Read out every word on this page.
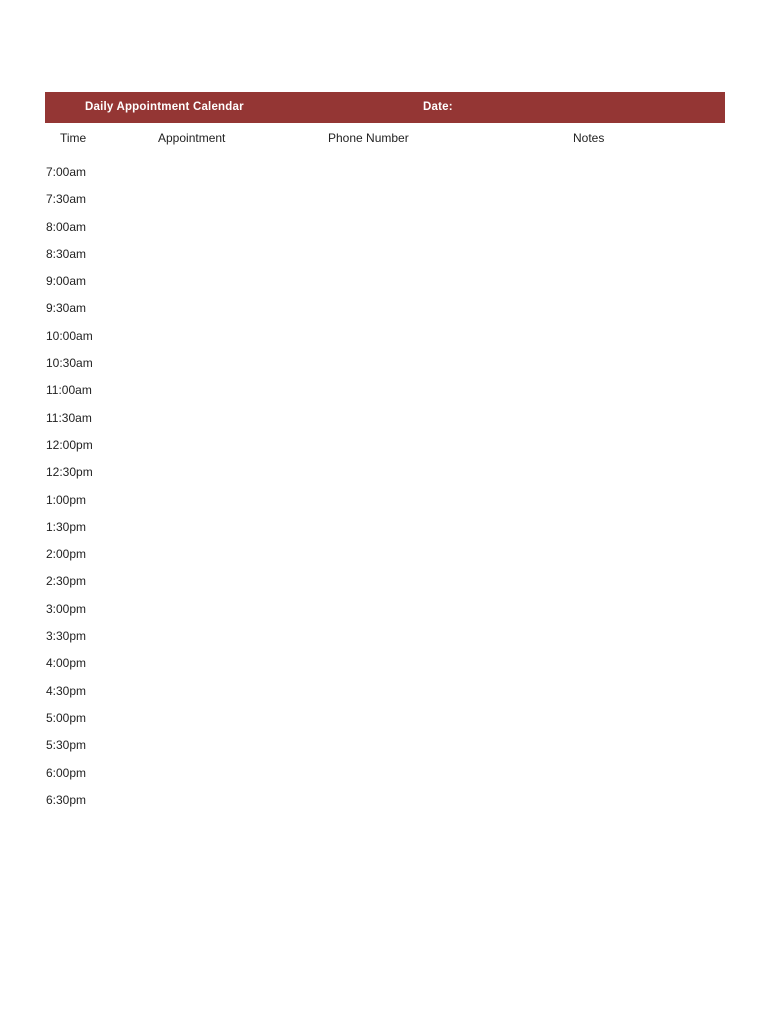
Daily Appointment Calendar	Date:
Time	Appointment	Phone Number	Notes
7:00am
7:30am
8:00am
8:30am
9:00am
9:30am
10:00am
10:30am
11:00am
11:30am
12:00pm
12:30pm
1:00pm
1:30pm
2:00pm
2:30pm
3:00pm
3:30pm
4:00pm
4:30pm
5:00pm
5:30pm
6:00pm
6:30pm
